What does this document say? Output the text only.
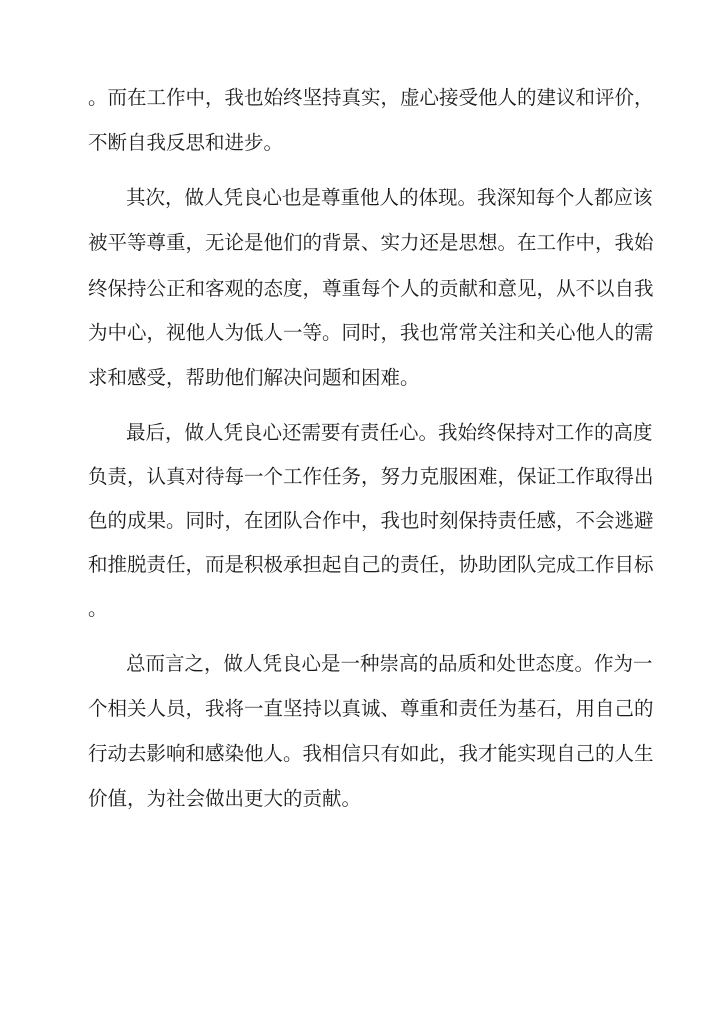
。而在工作中，我也始终坚持真实，虚心接受他人的建议和评价，
不断自我反思和进步。
其次，做人凭良心也是尊重他人的体现。我深知每个人都应该
被平等尊重，无论是他们的背景、实力还是思想。在工作中，我始
终保持公正和客观的态度，尊重每个人的贡献和意见，从不以自我
为中心，视他人为低人一等。同时，我也常常关注和关心他人的需
求和感受，帮助他们解决问题和困难。
最后，做人凭良心还需要有责任心。我始终保持对工作的高度
负责，认真对待每一个工作任务，努力克服困难，保证工作取得出
色的成果。同时，在团队合作中，我也时刻保持责任感，不会逃避
和推脱责任，而是积极承担起自己的责任，协助团队完成工作目标
。
总而言之，做人凭良心是一种崇高的品质和处世态度。作为一
个相关人员，我将一直坚持以真诚、尊重和责任为基石，用自己的
行动去影响和感染他人。我相信只有如此，我才能实现自己的人生
价值，为社会做出更大的贡献。
